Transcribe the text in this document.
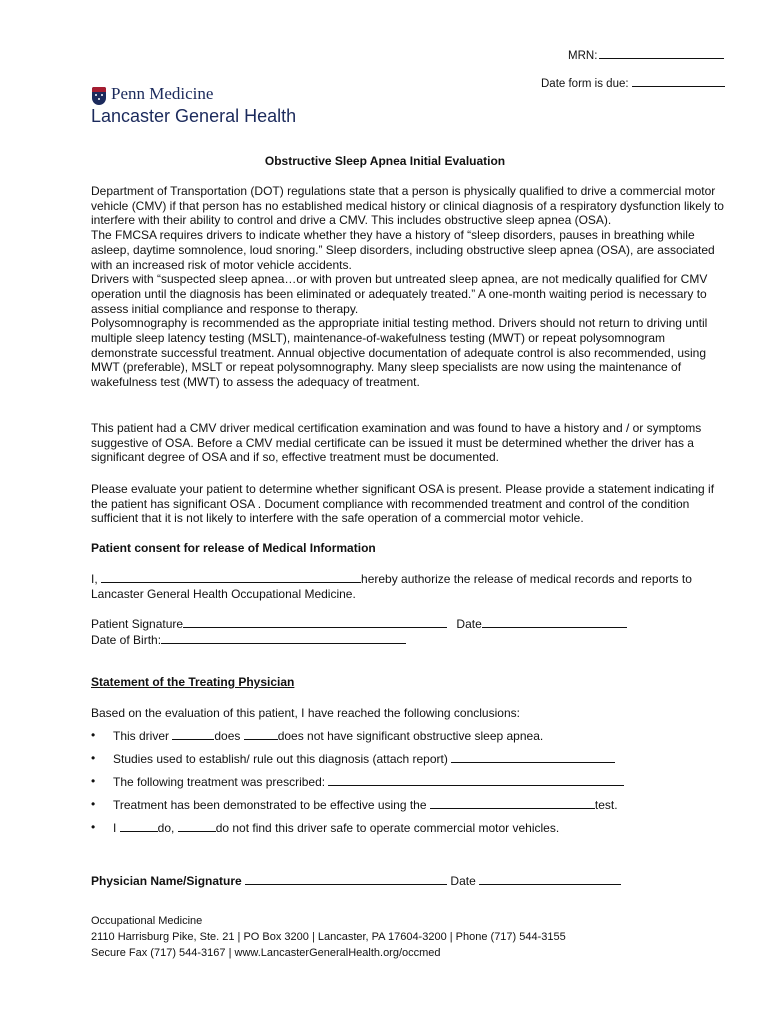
MRN:
Date form is due:
Penn Medicine
Lancaster General Health
Obstructive Sleep Apnea Initial Evaluation

Department of Transportation (DOT) regulations state that a person is physically qualified to drive a commercial motor vehicle (CMV) if that person has no established medical history or clinical diagnosis of a respiratory dysfunction likely to interfere with their ability to control and drive a CMV. This includes obstructive sleep apnea (OSA).

The FMCSA requires drivers to indicate whether they have a history of “sleep disorders, pauses in breathing while asleep, daytime somnolence, loud snoring.” Sleep disorders, including obstructive sleep apnea (OSA), are associated with an increased risk of motor vehicle accidents.

Drivers with “suspected sleep apnea…or with proven but untreated sleep apnea, are not medically qualified for CMV operation until the diagnosis has been eliminated or adequately treated.” A one-month waiting period is necessary to assess initial compliance and response to therapy.

Polysomnography is recommended as the appropriate initial testing method. Drivers should not return to driving until multiple sleep latency testing (MSLT), maintenance-of-wakefulness testing (MWT) or repeat polysomnogram demonstrate successful treatment. Annual objective documentation of adequate control is also recommended, using MWT (preferable), MSLT or repeat polysomnography. Many sleep specialists are now using the maintenance of wakefulness test (MWT) to assess the adequacy of treatment.

This patient had a CMV driver medical certification examination and was found to have a history and / or symptoms suggestive of OSA. Before a CMV medial certificate can be issued it must be determined whether the driver has a significant degree of OSA and if so, effective treatment must be documented.
Please evaluate your patient to determine whether significant OSA is present. Please provide a statement indicating if the patient has significant OSA . Document compliance with recommended treatment and control of the condition sufficient that it is not likely to interfere with the safe operation of a commercial motor vehicle.
Patient consent for release of Medical Information
I,	hereby authorize the release of medical records and reports to
Lancaster General Health Occupational Medicine.
Patient Signature	Date
Date of Birth:
Statement of the Treating Physician
Based on the evaluation of this patient, I have reached the following conclusions:
• This driver	does	does not have significant obstructive sleep apnea.
• Studies used to establish/ rule out this diagnosis (attach report)
• The following treatment was prescribed:
• Treatment has been demonstrated to be effective using the	test.
• I	do,	do not find this driver safe to operate commercial motor vehicles.
Physician Name/Signature	Date
Occupational Medicine
2110 Harrisburg Pike, Ste. 21 | PO Box 3200 | Lancaster, PA 17604-3200 | Phone (717) 544-3155
Secure Fax (717) 544-3167 | www.LancasterGeneralHealth.org/occmed
